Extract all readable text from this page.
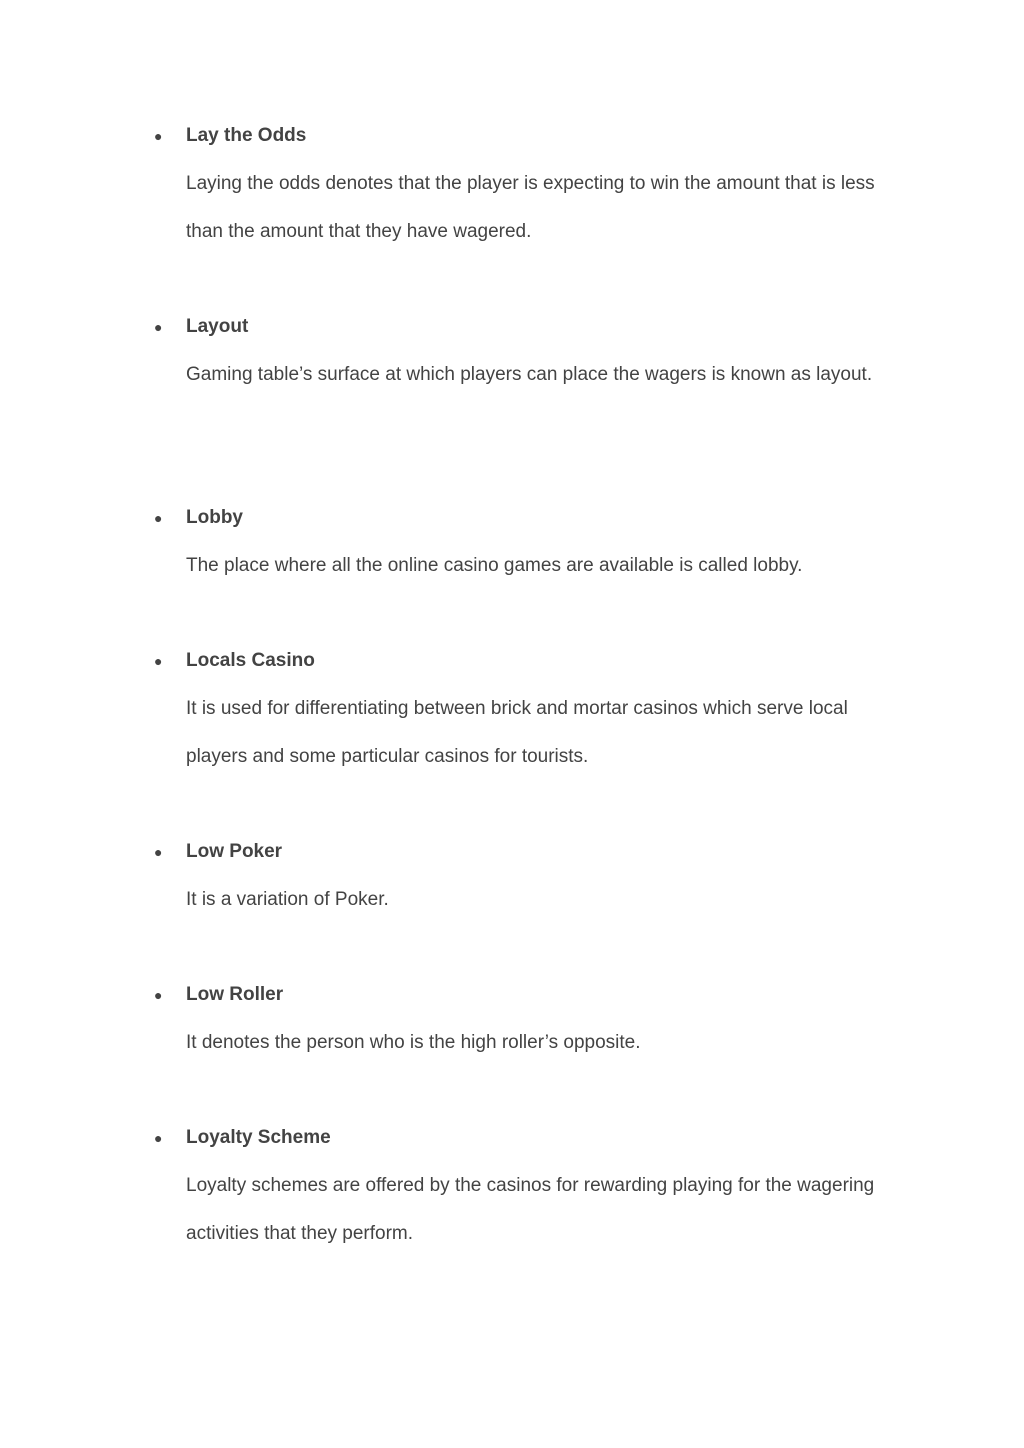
● Lay the Odds
Laying the odds denotes that the player is expecting to win the amount that is less than the amount that they have wagered.
● Layout
Gaming table’s surface at which players can place the wagers is known as layout.
● Lobby
The place where all the online casino games are available is called lobby.
● Locals Casino
It is used for differentiating between brick and mortar casinos which serve local players and some particular casinos for tourists.
● Low Poker
It is a variation of Poker.
● Low Roller
It denotes the person who is the high roller’s opposite.
● Loyalty Scheme
Loyalty schemes are offered by the casinos for rewarding playing for the wagering activities that they perform.
